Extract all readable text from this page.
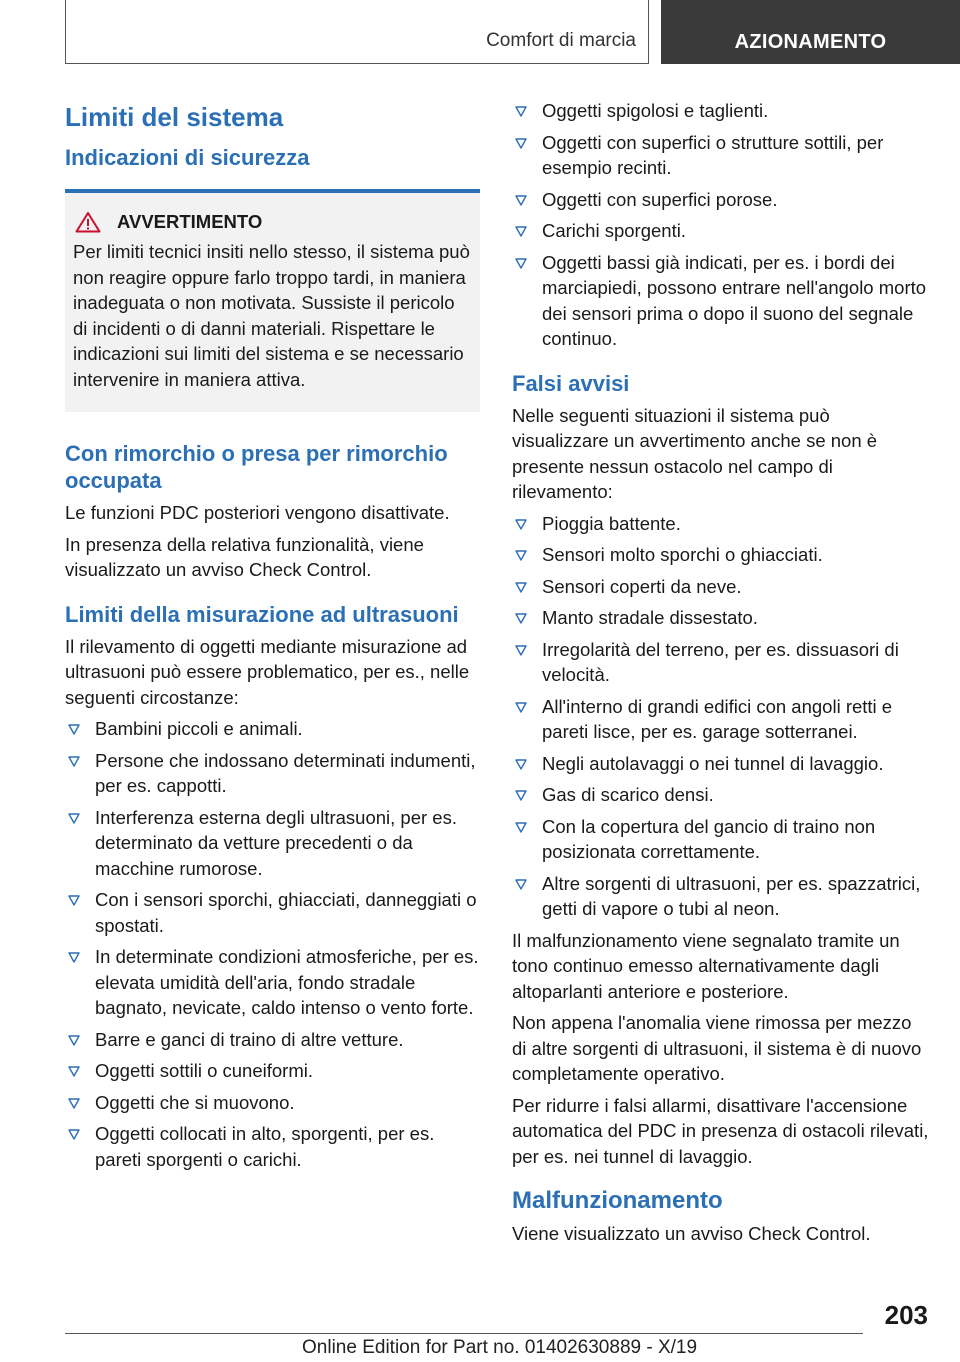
Comfort di marcia	AZIONAMENTO
Limiti del sistema
Indicazioni di sicurezza
AVVERTIMENTO

Per limiti tecnici insiti nello stesso, il sistema può non reagire oppure farlo troppo tardi, in maniera inadeguata o non motivata. Sussiste il pericolo di incidenti o di danni materiali. Rispettare le indicazioni sui limiti del sistema e se necessario intervenire in maniera attiva.

Con rimorchio o presa per rimorchio occupata

Le funzioni PDC posteriori vengono disattivate.

In presenza della relativa funzionalità, viene visualizzato un avviso Check Control.

Limiti della misurazione ad ultrasuoni

Il rilevamento di oggetti mediante misurazione ad ultrasuoni può essere problematico, per es., nelle seguenti circostanze:

Bambini piccoli e animali.
Persone che indossano determinati indumenti, per es. cappotti.
Interferenza esterna degli ultrasuoni, per es. determinato da vetture precedenti o da macchine rumorose.
Con i sensori sporchi, ghiacciati, danneggiati o spostati.
In determinate condizioni atmosferiche, per es. elevata umidità dell'aria, fondo stradale bagnato, nevicate, caldo intenso o vento forte.
Barre e ganci di traino di altre vetture.
Oggetti sottili o cuneiformi.
Oggetti che si muovono.
Oggetti collocati in alto, sporgenti, per es. pareti sporgenti o carichi.
Oggetti spigolosi e taglienti.
Oggetti con superfici o strutture sottili, per esempio recinti.
Oggetti con superfici porose.
Carichi sporgenti.
Oggetti bassi già indicati, per es. i bordi dei marciapiedi, possono entrare nell'angolo morto dei sensori prima o dopo il suono del segnale continuo.
Falsi avvisi

Nelle seguenti situazioni il sistema può visualizzare un avvertimento anche se non è presente nessun ostacolo nel campo di rilevamento:

Pioggia battente.
Sensori molto sporchi o ghiacciati.
Sensori coperti da neve.
Manto stradale dissestato.
Irregolarità del terreno, per es. dissuasori di velocità.
All'interno di grandi edifici con angoli retti e pareti lisce, per es. garage sotterranei.
Negli autolavaggi o nei tunnel di lavaggio.
Gas di scarico densi.
Con la copertura del gancio di traino non posizionata correttamente.
Altre sorgenti di ultrasuoni, per es. spazzatrici, getti di vapore o tubi al neon.

Il malfunzionamento viene segnalato tramite un tono continuo emesso alternativamente dagli altoparlanti anteriore e posteriore.

Non appena l'anomalia viene rimossa per mezzo di altre sorgenti di ultrasuoni, il sistema è di nuovo completamente operativo.

Per ridurre i falsi allarmi, disattivare l'accensione automatica del PDC in presenza di ostacoli rilevati, per es. nei tunnel di lavaggio.

Malfunzionamento

Viene visualizzato un avviso Check Control.

203
Online Edition for Part no. 01402630889 - X/19
